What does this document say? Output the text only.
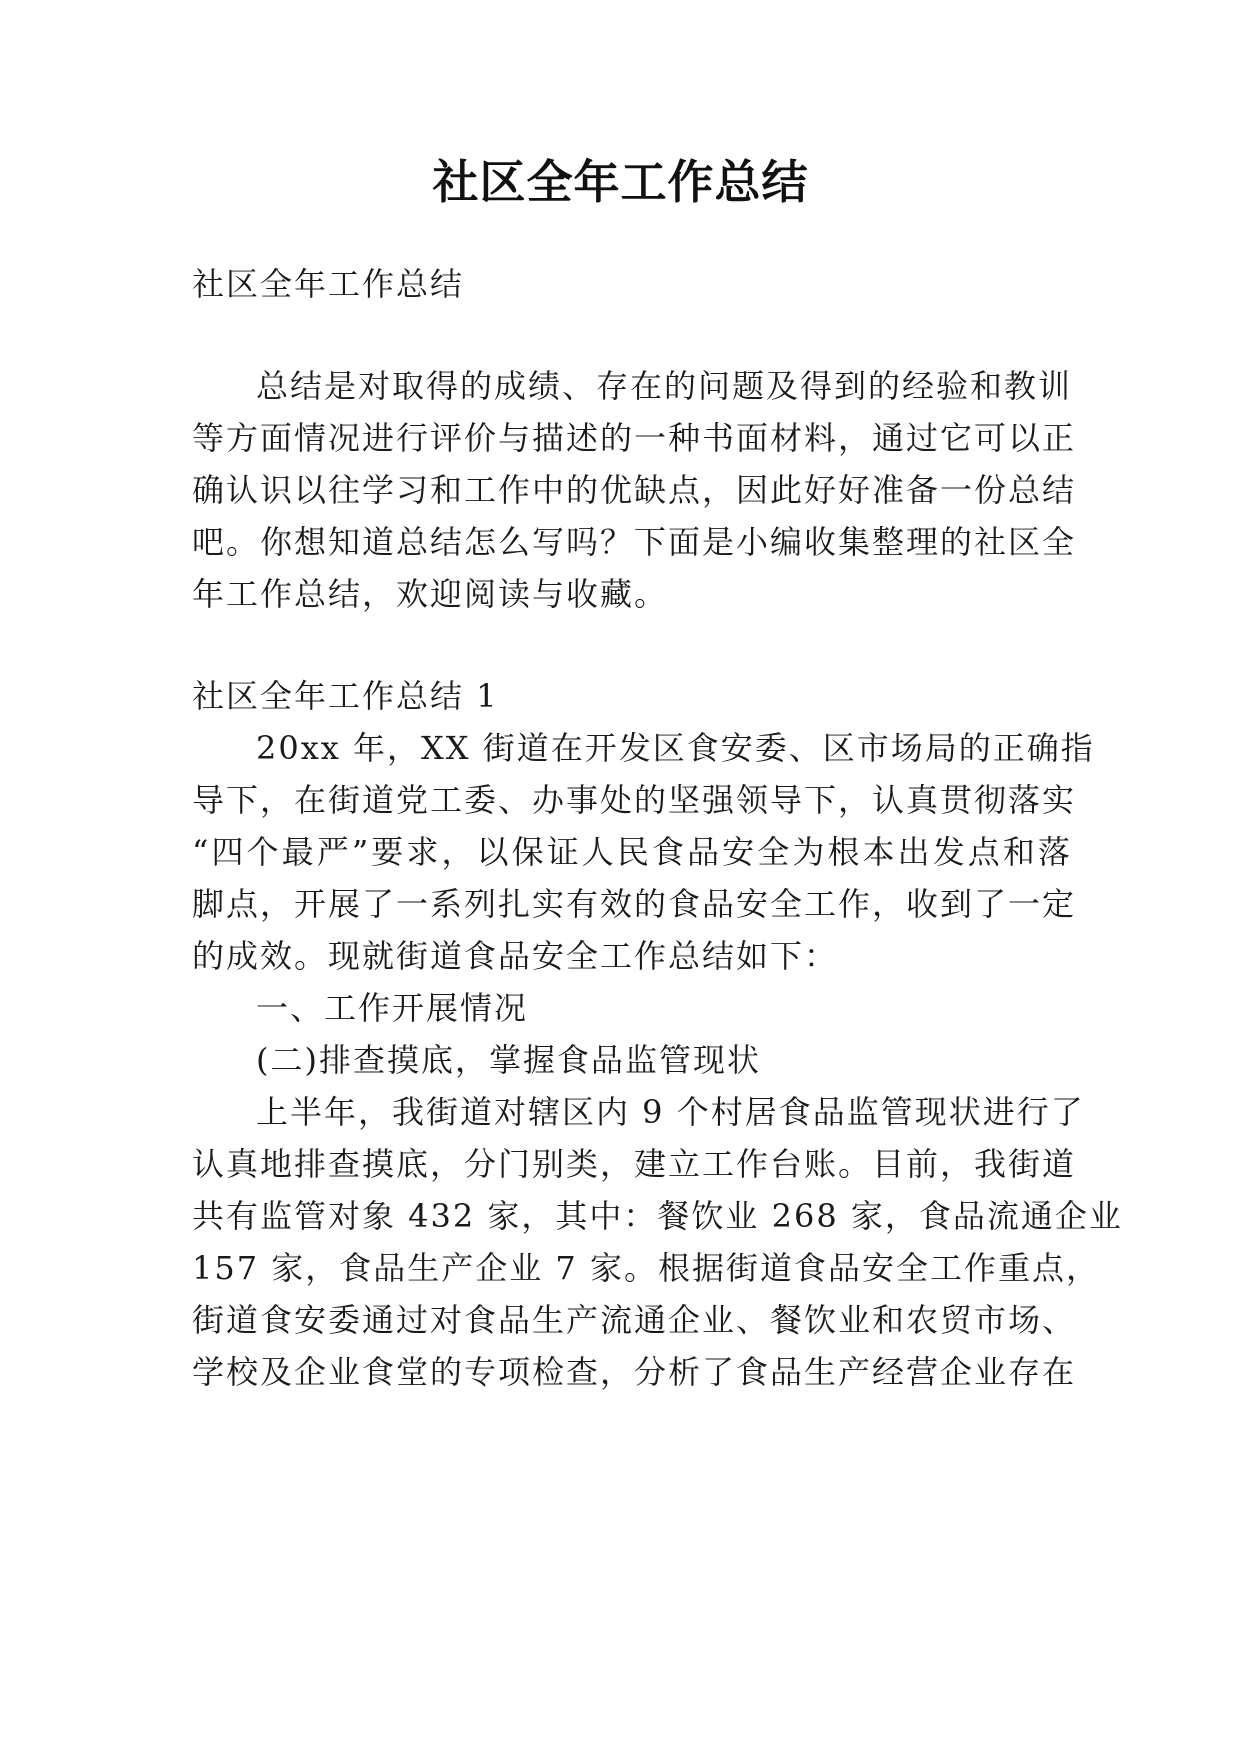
社区全年工作总结
社区全年工作总结
总结是对取得的成绩、存在的问题及得到的经验和教训
等方面情况进行评价与描述的一种书面材料，通过它可以正
确认识以往学习和工作中的优缺点，因此好好准备一份总结
吧。你想知道总结怎么写吗？下面是小编收集整理的社区全
年工作总结，欢迎阅读与收藏。
社区全年工作总结 1
20xx 年，XX 街道在开发区食安委、区市场局的正确指
导下，在街道党工委、办事处的坚强领导下，认真贯彻落实
“四个最严”要求，以保证人民食品安全为根本出发点和落
脚点，开展了一系列扎实有效的食品安全工作，收到了一定
的成效。现就街道食品安全工作总结如下：
一、工作开展情况
(二)排查摸底，掌握食品监管现状
上半年，我街道对辖区内 9 个村居食品监管现状进行了
认真地排查摸底，分门别类，建立工作台账。目前，我街道
共有监管对象 432 家，其中：餐饮业 268 家，食品流通企业
157 家，食品生产企业 7 家。根据街道食品安全工作重点，
街道食安委通过对食品生产流通企业、餐饮业和农贸市场、
学校及企业食堂的专项检查，分析了食品生产经营企业存在
